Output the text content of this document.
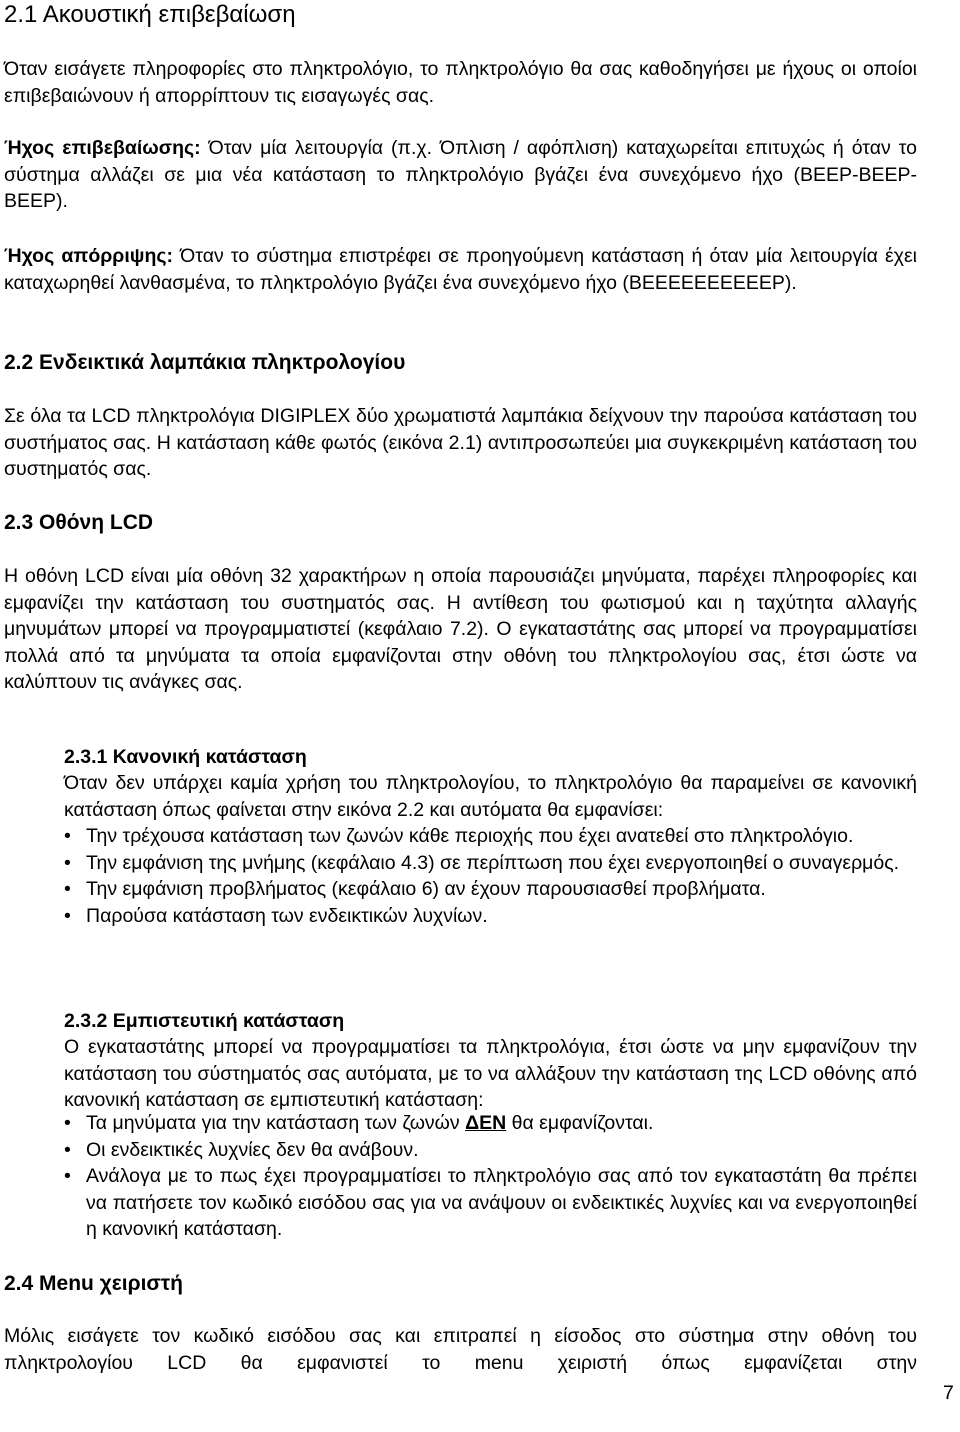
2.1 Ακουστική επιβεβαίωση

Όταν εισάγετε πληροφορίες στο πληκτρολόγιο, το πληκτρολόγιο θα σας καθοδηγήσει με ήχους οι οποίοι επιβεβαιώνουν ή απορρίπτουν τις εισαγωγές σας.

Ήχος επιβεβαίωσης: Όταν μία λειτουργία (π.χ. Όπλιση / αφόπλιση) καταχωρείται επιτυχώς ή όταν το σύστημα αλλάζει σε μια νέα κατάσταση το πληκτρολόγιο βγάζει ένα συνεχόμενο ήχο (BEEP-BEEP-BEEP).

Ήχος απόρριψης: Όταν το σύστημα επιστρέφει σε προηγούμενη κατάσταση ή όταν μία λειτουργία έχει καταχωρηθεί λανθασμένα, το πληκτρολόγιο βγάζει ένα συνεχόμενο ήχο (BEEEEEEEEEEP).

2.2 Ενδεικτικά λαμπάκια πληκτρολογίου

Σε όλα τα LCD πληκτρολόγια DIGIPLEX δύο χρωματιστά λαμπάκια δείχνουν την παρούσα κατάσταση του συστήματος σας. Η κατάσταση κάθε φωτός (εικόνα 2.1) αντιπροσωπεύει μια συγκεκριμένη κατάσταση του συστηματός σας.

2.3 Οθόνη LCD

Η οθόνη LCD είναι μία οθόνη 32 χαρακτήρων η οποία παρουσιάζει μηνύματα, παρέχει πληροφορίες και εμφανίζει την κατάσταση του συστηματός σας. Η αντίθεση του φωτισμού και η ταχύτητα αλλαγής μηνυμάτων μπορεί να προγραμματιστεί (κεφάλαιο 7.2). Ο εγκαταστάτης σας μπορεί να προγραμματίσει πολλά από τα μηνύματα τα οποία εμφανίζονται στην οθόνη του πληκτρολογίου σας, έτσι ώστε να καλύπτουν τις ανάγκες σας.

2.3.1 Κανονική κατάσταση

Όταν δεν υπάρχει καμία χρήση του πληκτρολογίου, το πληκτρολόγιο θα παραμείνει σε κανονική κατάσταση όπως φαίνεται στην εικόνα 2.2 και αυτόματα θα εμφανίσει:

• Την τρέχουσα κατάσταση των ζωνών κάθε περιοχής που έχει ανατεθεί στο πληκτρολόγιο.
• Την εμφάνιση της μνήμης (κεφάλαιο 4.3) σε περίπτωση που έχει ενεργοποιηθεί ο συναγερμός.
• Την εμφάνιση προβλήματος (κεφάλαιο 6) αν έχουν παρουσιασθεί προβλήματα.
• Παρούσα κατάσταση των ενδεικτικών λυχνίων.
2.3.2 Εμπιστευτική κατάσταση

Ο εγκαταστάτης μπορεί να προγραμματίσει τα πληκτρολόγια, έτσι ώστε να μην εμφανίζουν την κατάσταση του σύστηματός σας αυτόματα, με το να αλλάξουν την κατάσταση της LCD οθόνης από κανονική κατάσταση σε εμπιστευτική κατάσταση:

• Τα μηνύματα για την κατάσταση των ζωνών ΔΕΝ θα εμφανίζονται.
• Οι ενδεικτικές λυχνίες δεν θα ανάβουν.
• Ανάλογα με το πως έχει προγραμματίσει το πληκτρολόγιο σας από τον εγκαταστάτη θα πρέπει να πατήσετε τον κωδικό εισόδου σας για να ανάψουν οι ενδεικτικές λυχνίες και να ενεργοποιηθεί η κανονική κατάσταση.
2.4 Menu χειριστή

Μόλις εισάγετε τον κωδικό εισόδου σας και επιτραπεί η είσοδος στο σύστημα στην οθόνη του πληκτρολογίου LCD θα εμφανιστεί το menu χειριστή όπως εμφανίζεται στην

7
